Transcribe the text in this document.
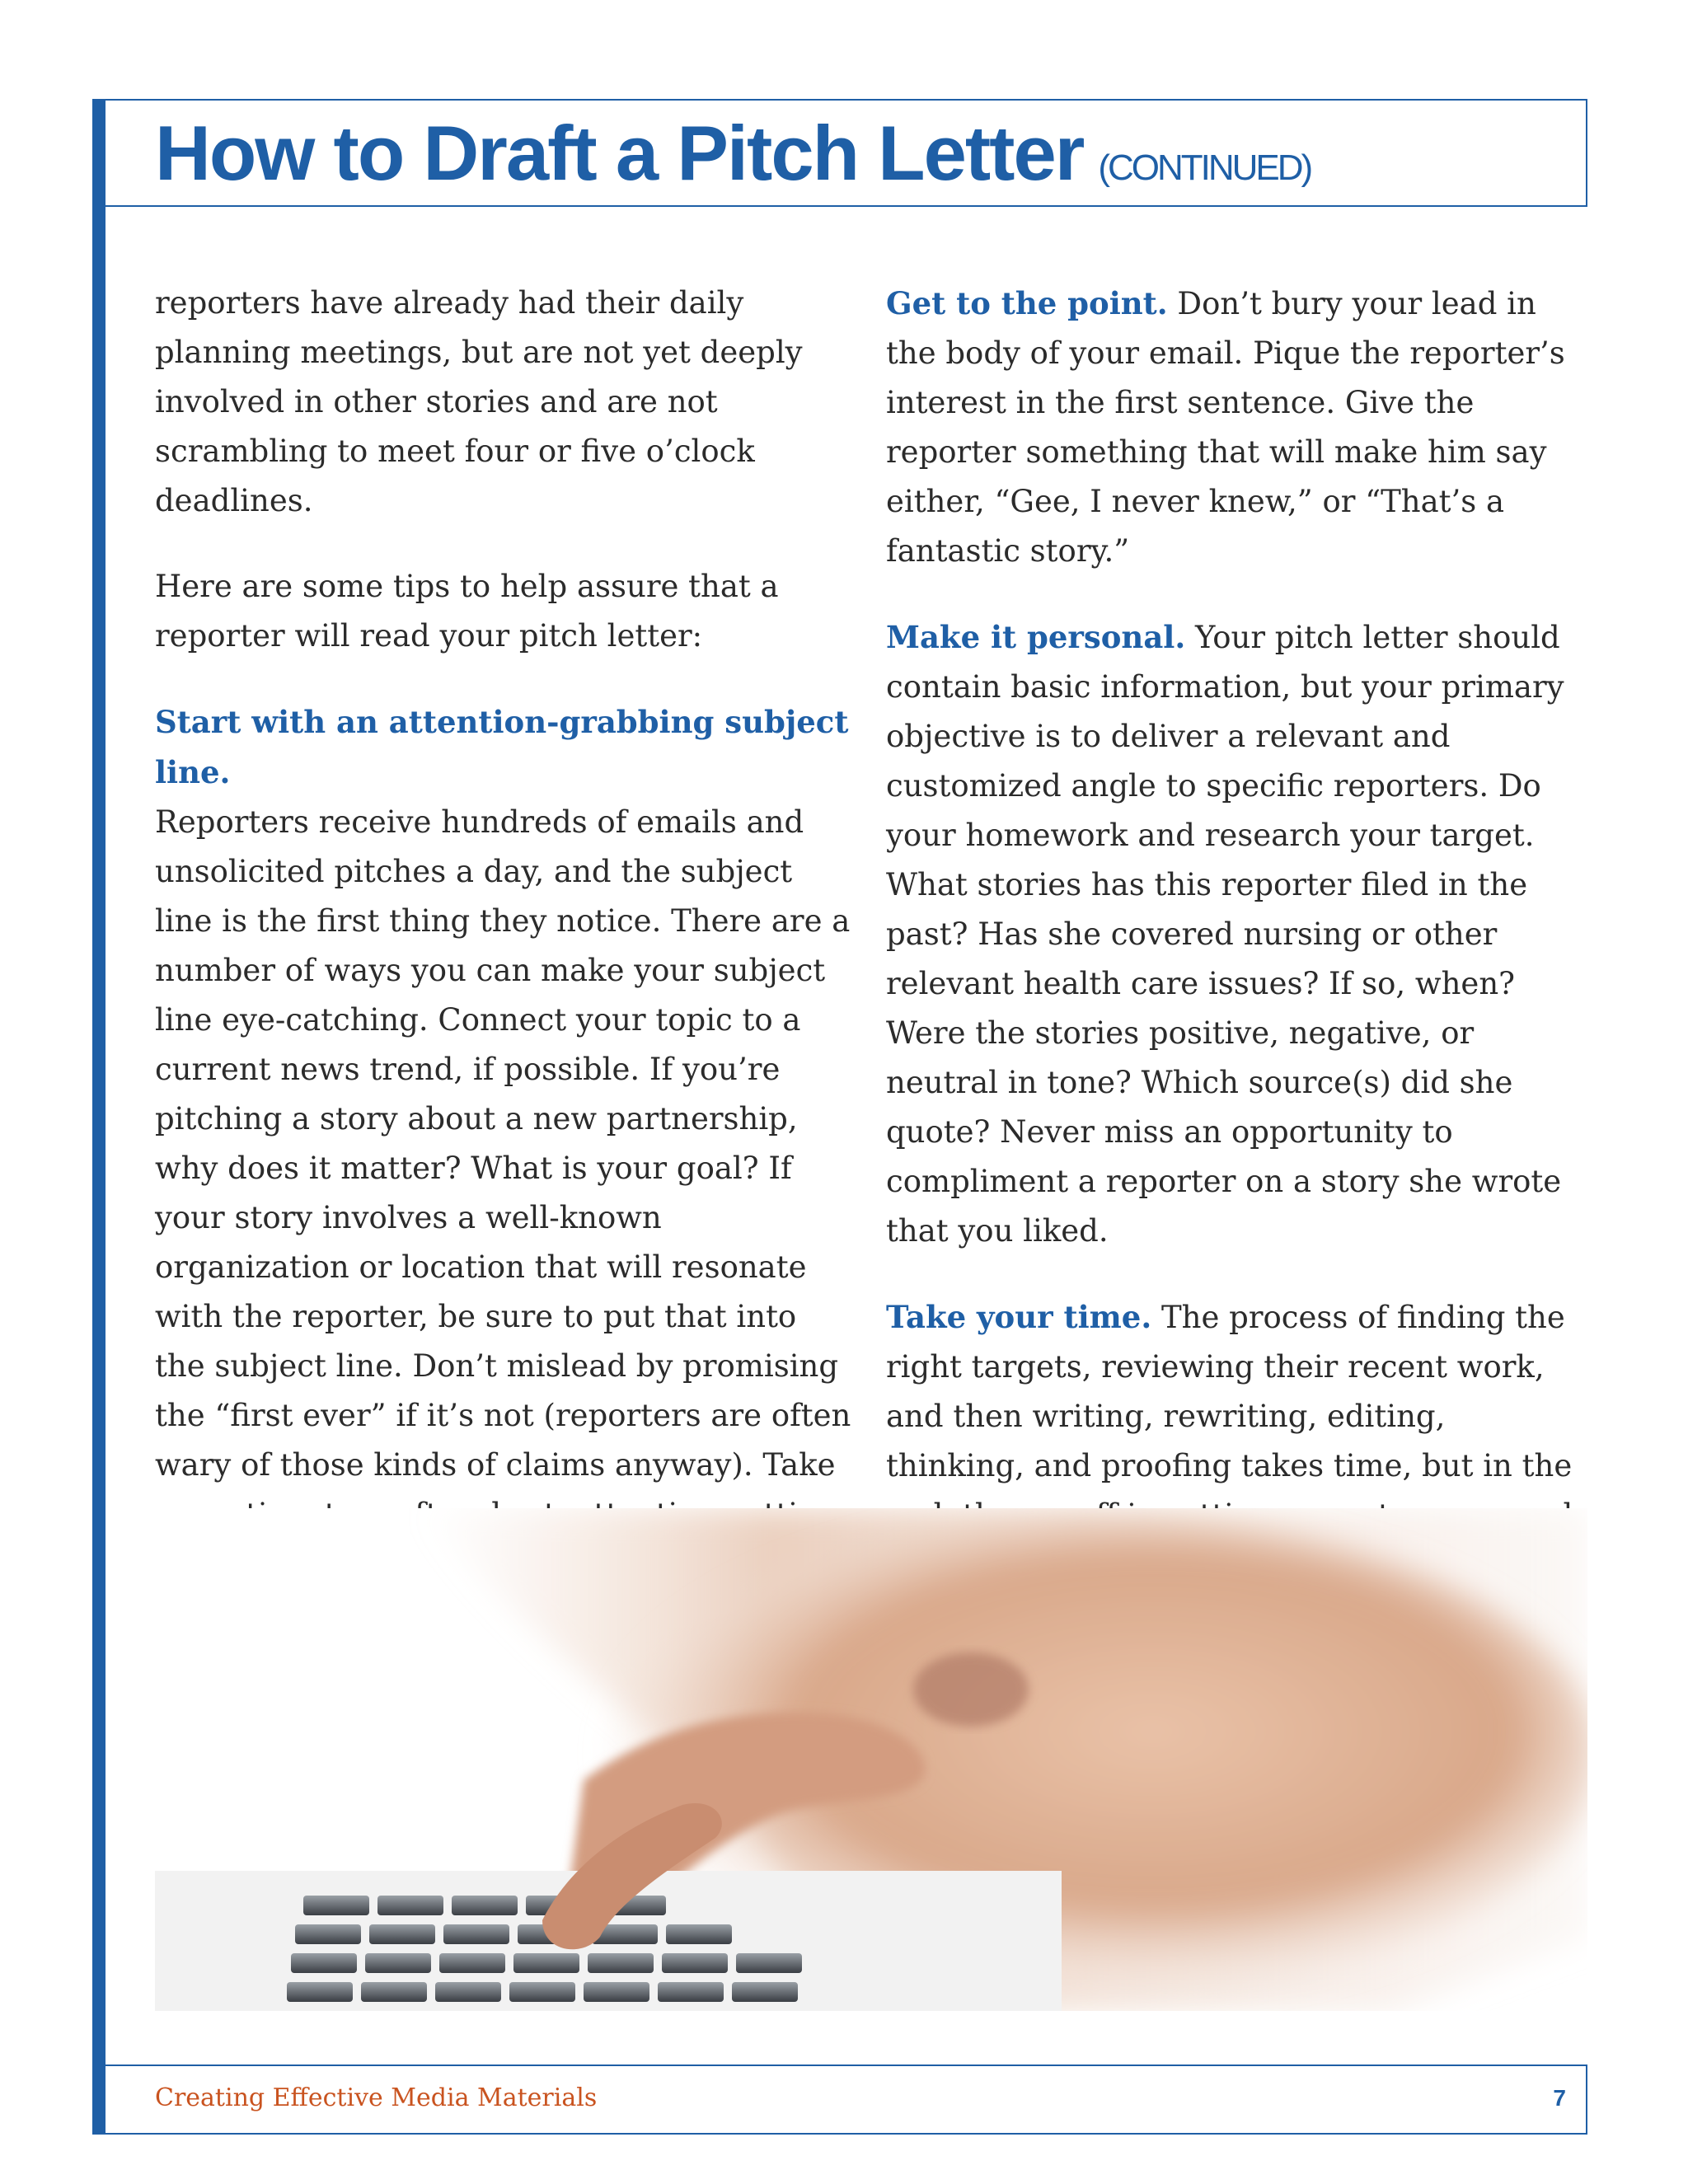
How to Draft a Pitch Letter (CONTINUED)

reporters have already had their daily planning meetings, but are not yet deeply involved in other stories and are not scrambling to meet four or five o’clock deadlines.

Here are some tips to help assure that a reporter will read your pitch letter:

Start with an attention-grabbing subject line.
Reporters receive hundreds of emails and unsolicited pitches a day, and the subject line is the first thing they notice. There are a number of ways you can make your subject line eye-catching. Connect your topic to a current news trend, if possible. If you’re pitching a story about a new partnership, why does it matter? What is your goal? If your story involves a well-known organization or location that will resonate with the reporter, be sure to put that into the subject line. Don’t mislead by promising the “first ever” if it’s not (reporters are often wary of those kinds of claims anyway). Take

Get to the point. Don’t bury your lead in the body of your email. Pique the reporter’s interest in the first sentence. Give the reporter something that will make him say either, “Gee, I never knew,” or “That’s a fantastic story.”

Make it personal. Your pitch letter should contain basic information, but your primary objective is to deliver a relevant and customized angle to specific reporters. Do your homework and research your target. What stories has this reporter filed in the past? Has she covered nursing or other relevant health care issues? If so, when? Were the stories positive, negative, or neutral in tone? Which source(s) did she quote? Never miss an opportunity to compliment a reporter on a story she wrote that you liked.

Take your time. The process of finding the right targets, reviewing their recent work, and then writing, rewriting, editing, thinking, and proofing takes time, but in the

Creating Effective Media Materials	7
